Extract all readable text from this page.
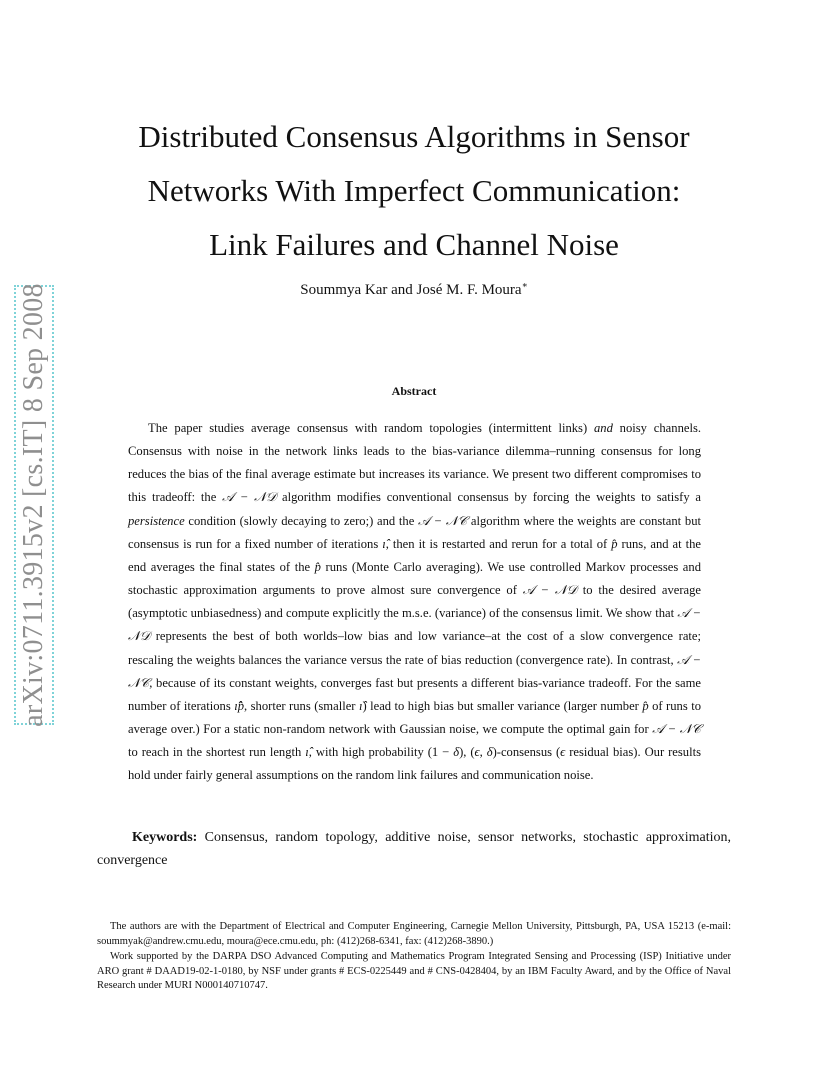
arXiv:0711.3915v2 [cs.IT] 8 Sep 2008
Distributed Consensus Algorithms in Sensor
Networks With Imperfect Communication:
Link Failures and Channel Noise
Soummya Kar and José M. F. Moura∗
Abstract

The paper studies average consensus with random topologies (intermittent links) and noisy channels. Consensus with noise in the network links leads to the bias-variance dilemma–running consensus for long reduces the bias of the final average estimate but increases its variance. We present two different compromises to this tradeoff: the 𝒜 − 𝒩𝒟 algorithm modifies conventional consensus by forcing the weights to satisfy a persistence condition (slowly decaying to zero;) and the 𝒜 − 𝒩𝒞 algorithm where the weights are constant but consensus is run for a fixed number of iterations ı̂, then it is restarted and rerun for a total of p̂ runs, and at the end averages the final states of the p̂ runs (Monte Carlo averaging). We use controlled Markov processes and stochastic approximation arguments to prove almost sure convergence of 𝒜 − 𝒩𝒟 to the desired average (asymptotic unbiasedness) and compute explicitly the m.s.e. (variance) of the consensus limit. We show that 𝒜 − 𝒩𝒟 represents the best of both worlds–low bias and low variance–at the cost of a slow convergence rate; rescaling the weights balances the variance versus the rate of bias reduction (convergence rate). In contrast, 𝒜 − 𝒩𝒞, because of its constant weights, converges fast but presents a different bias-variance tradeoff. For the same number of iterations ı̂p̂, shorter runs (smaller ı̂) lead to high bias but smaller variance (larger number p̂ of runs to average over.) For a static non-random network with Gaussian noise, we compute the optimal gain for 𝒜 − 𝒩𝒞 to reach in the shortest run length ı̂, with high probability (1 − δ), (ϵ, δ)-consensus (ϵ residual bias). Our results hold under fairly general assumptions on the random link failures and communication noise.

Keywords: Consensus, random topology, additive noise, sensor networks, stochastic approximation, convergence

The authors are with the Department of Electrical and Computer Engineering, Carnegie Mellon University, Pittsburgh, PA, USA 15213 (e-mail: soummyak@andrew.cmu.edu, moura@ece.cmu.edu, ph: (412)268-6341, fax: (412)268-3890.)

Work supported by the DARPA DSO Advanced Computing and Mathematics Program Integrated Sensing and Processing (ISP) Initiative under ARO grant # DAAD19-02-1-0180, by NSF under grants # ECS-0225449 and # CNS-0428404, by an IBM Faculty Award, and by the Office of Naval Research under MURI N000140710747.
